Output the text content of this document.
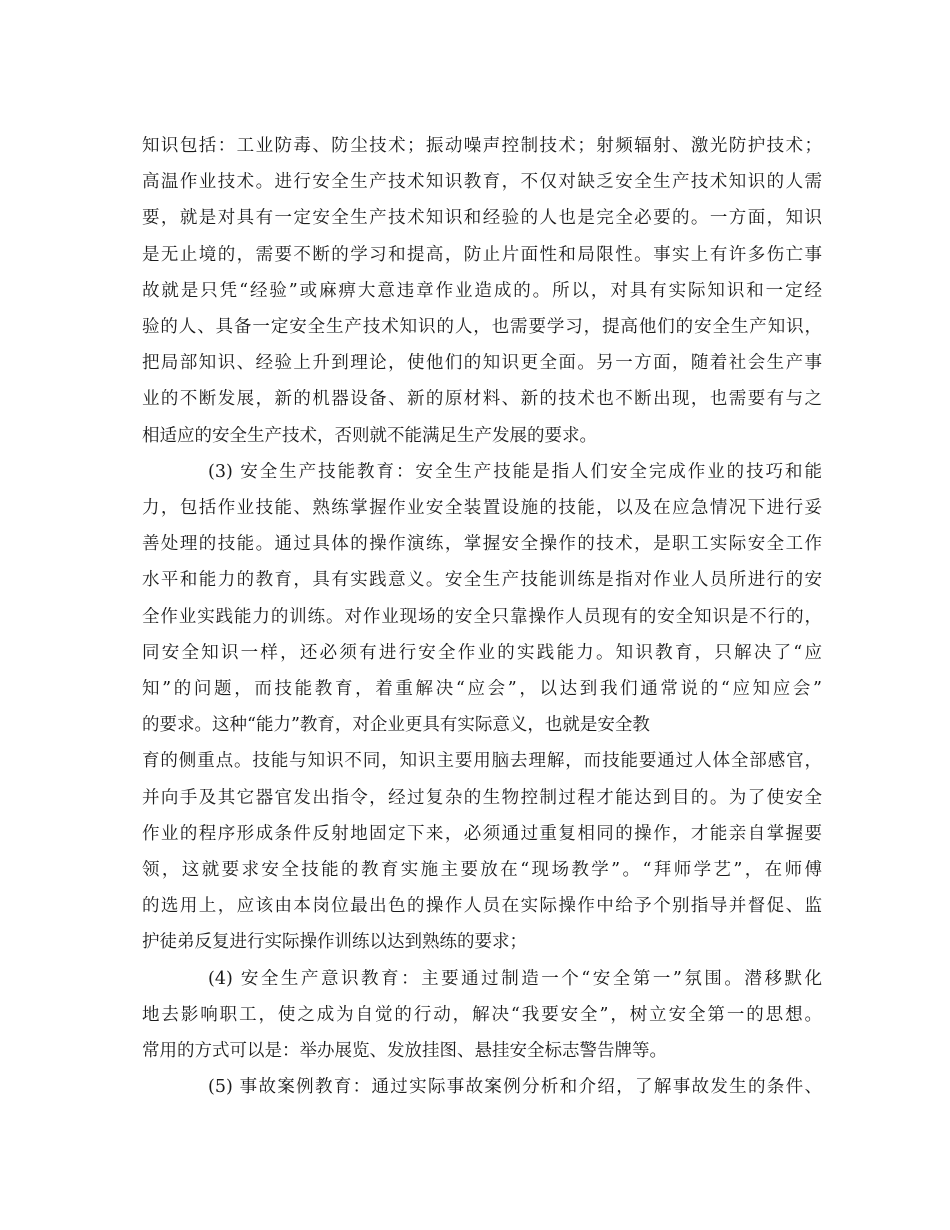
知识包括：工业防毒、防尘技术；振动噪声控制技术；射频辐射、激光防护技术；
高温作业技术。进行安全生产技术知识教育，不仅对缺乏安全生产技术知识的人需
要，就是对具有一定安全生产技术知识和经验的人也是完全必要的。一方面，知识
是无止境的，需要不断的学习和提高，防止片面性和局限性。事实上有许多伤亡事
故就是只凭“经验”或麻痹大意违章作业造成的。所以，对具有实际知识和一定经
验的人、具备一定安全生产技术知识的人，也需要学习，提高他们的安全生产知识，
把局部知识、经验上升到理论，使他们的知识更全面。另一方面，随着社会生产事
业的不断发展，新的机器设备、新的原材料、新的技术也不断出现，也需要有与之
相适应的安全生产技术，否则就不能满足生产发展的要求。
(3) 安全生产技能教育：安全生产技能是指人们安全完成作业的技巧和能
力，包括作业技能、熟练掌握作业安全装置设施的技能，以及在应急情况下进行妥
善处理的技能。通过具体的操作演练，掌握安全操作的技术，是职工实际安全工作
水平和能力的教育，具有实践意义。安全生产技能训练是指对作业人员所进行的安
全作业实践能力的训练。对作业现场的安全只靠操作人员现有的安全知识是不行的，
同安全知识一样，还必须有进行安全作业的实践能力。知识教育，只解决了“应
知”的问题，而技能教育，着重解决“应会”，以达到我们通常说的“应知应会”
的要求。这种“能力”教育，对企业更具有实际意义，也就是安全教
育的侧重点。技能与知识不同，知识主要用脑去理解，而技能要通过人体全部感官，
并向手及其它器官发出指令，经过复杂的生物控制过程才能达到目的。为了使安全
作业的程序形成条件反射地固定下来，必须通过重复相同的操作，才能亲自掌握要
领，这就要求安全技能的教育实施主要放在“现场教学”。“拜师学艺”，在师傅
的选用上，应该由本岗位最出色的操作人员在实际操作中给予个别指导并督促、监
护徒弟反复进行实际操作训练以达到熟练的要求；
(4) 安全生产意识教育：主要通过制造一个“安全第一”氛围。潜移默化
地去影响职工，使之成为自觉的行动，解决“我要安全”，树立安全第一的思想。
常用的方式可以是：举办展览、发放挂图、悬挂安全标志警告牌等。
(5) 事故案例教育：通过实际事故案例分析和介绍，了解事故发生的条件、
